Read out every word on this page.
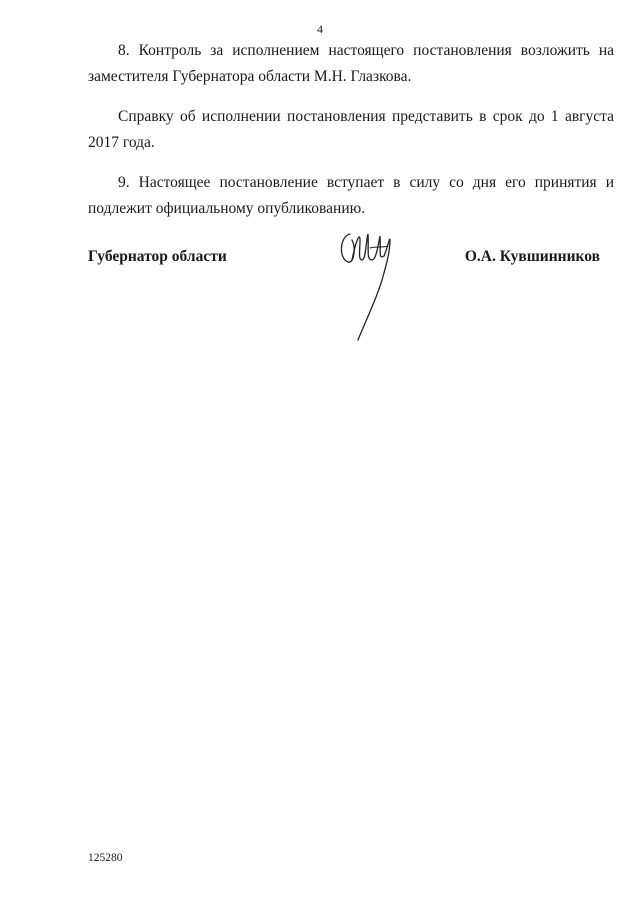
4

8. Контроль за исполнением настоящего постановления возложить на заместителя Губернатора области М.Н. Глазкова.

Справку об исполнении постановления представить в срок до 1 августа 2017 года.

9. Настоящее постановление вступает в силу со дня его принятия и подлежит официальному опубликованию.

Губернатор области	О.А. Кувшинников
125280
